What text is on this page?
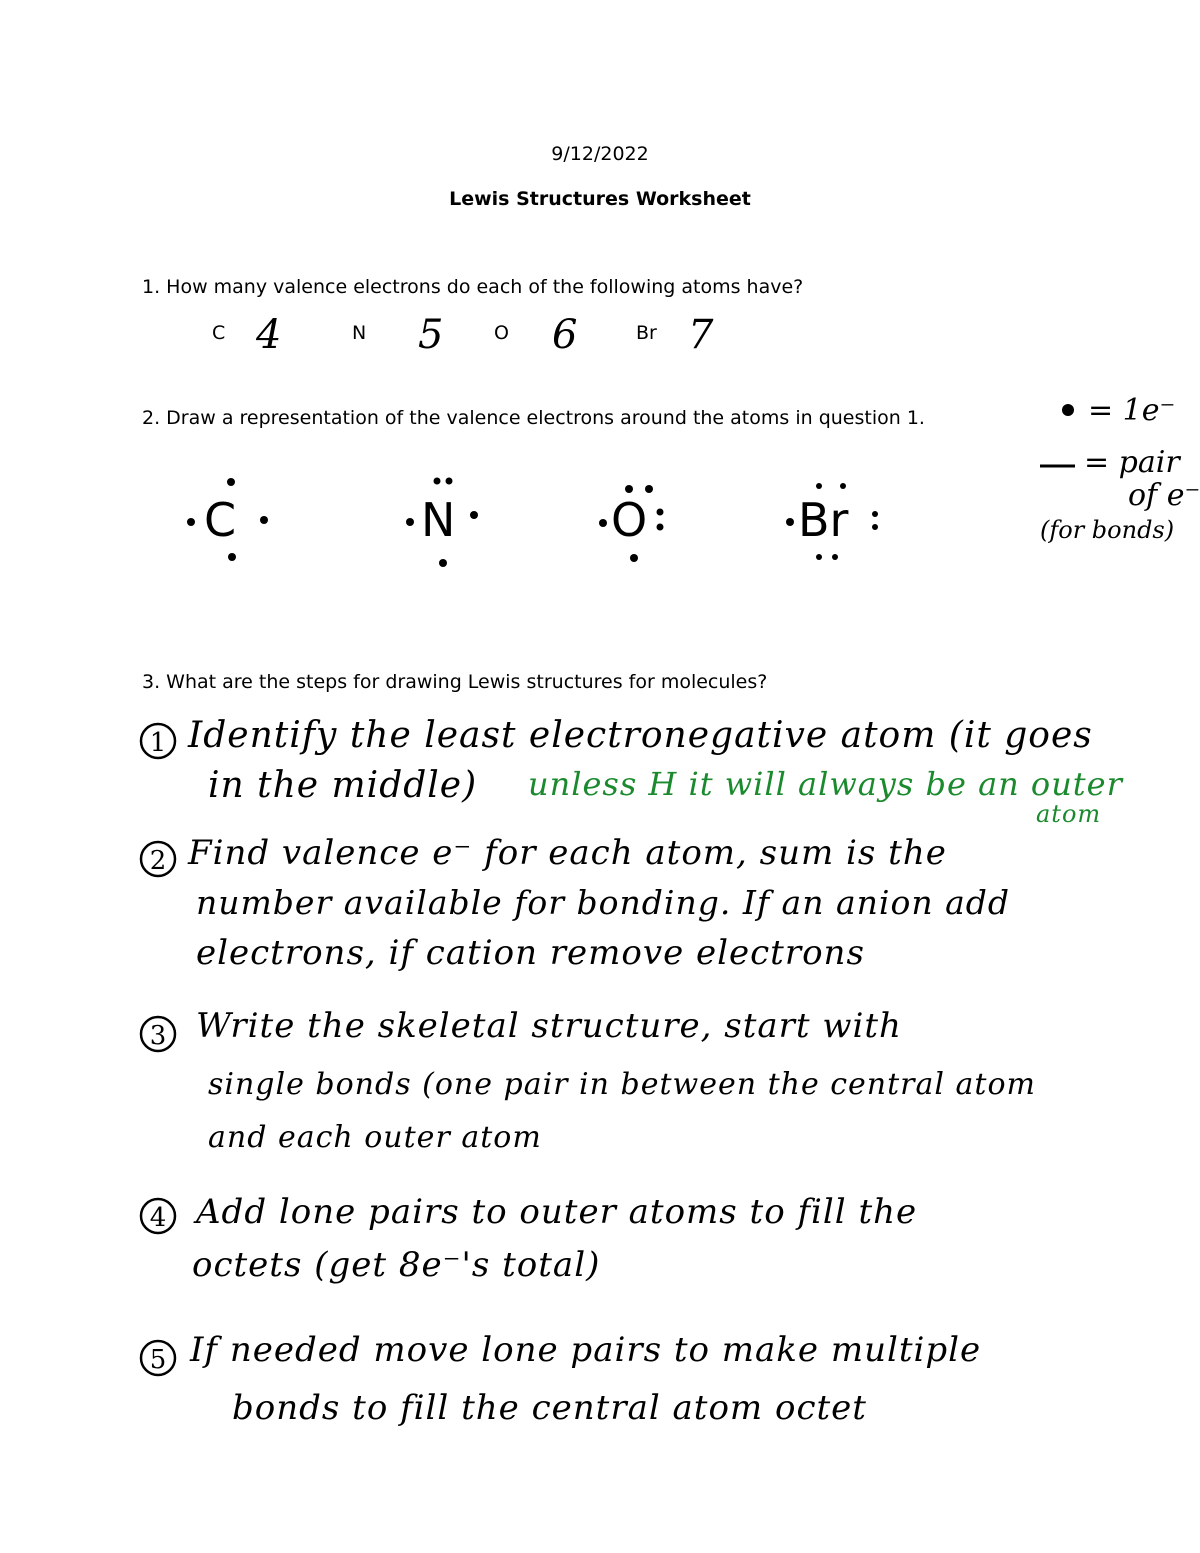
9/12/2022
Lewis Structures Worksheet
1. How many valence electrons do each of the following atoms have?
C 4	N 5	O 6	Br 7
2. Draw a representation of the valence electrons around the atoms in question 1.
C	N	O	Br
= 1e⁻
= pair
of e⁻
(for bonds)
3. What are the steps for drawing Lewis structures for molecules?
1
2
3
4
5
Identify the least electronegative atom (it goes
in the middle) unless H it will always be an outer
atom
Find valence e⁻ for each atom, sum is the
number available for bonding. If an anion add
electrons, if cation remove electrons
Write the skeletal structure, start with
single bonds (one pair in between the central atom
and each outer atom
Add lone pairs to outer atoms to fill the
octets (get 8e⁻'s total)
If needed move lone pairs to make multiple
bonds to fill the central atom octet
